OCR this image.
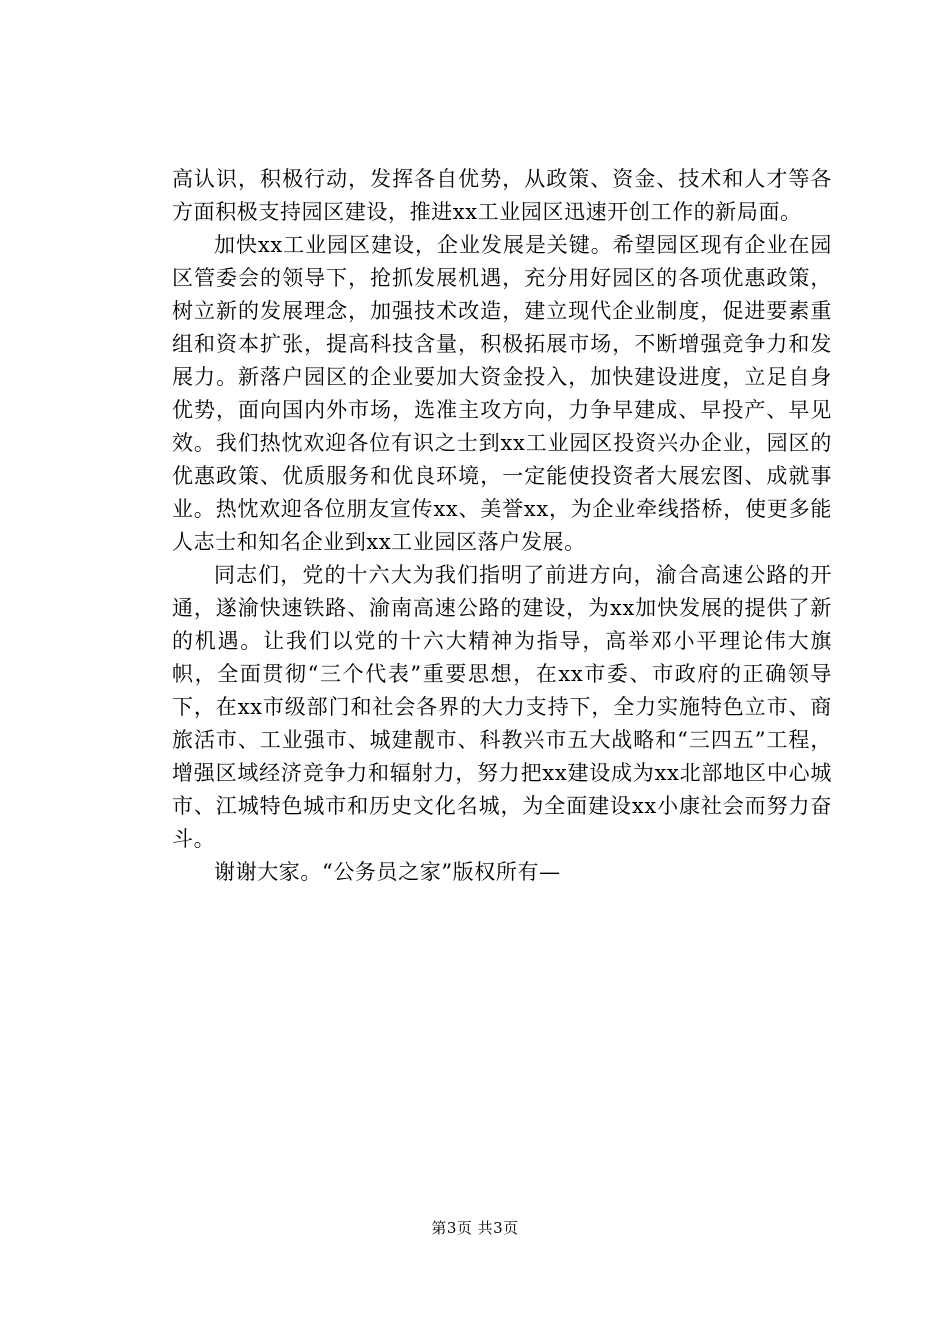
高认识，积极行动，发挥各自优势，从政策、资金、技术和人才等各方面积极支持园区建设，推进xx工业园区迅速开创工作的新局面。

加快xx工业园区建设，企业发展是关键。希望园区现有企业在园区管委会的领导下，抢抓发展机遇，充分用好园区的各项优惠政策，树立新的发展理念，加强技术改造，建立现代企业制度，促进要素重组和资本扩张，提高科技含量，积极拓展市场，不断增强竞争力和发展力。新落户园区的企业要加大资金投入，加快建设进度，立足自身优势，面向国内外市场，选准主攻方向，力争早建成、早投产、早见效。我们热忱欢迎各位有识之士到xx工业园区投资兴办企业，园区的优惠政策、优质服务和优良环境，一定能使投资者大展宏图、成就事业。热忱欢迎各位朋友宣传xx、美誉xx，为企业牵线搭桥，使更多能人志士和知名企业到xx工业园区落户发展。

同志们，党的十六大为我们指明了前进方向，渝合高速公路的开通，遂渝快速铁路、渝南高速公路的建设，为xx加快发展的提供了新的机遇。让我们以党的十六大精神为指导，高举邓小平理论伟大旗帜，全面贯彻“三个代表”重要思想，在xx市委、市政府的正确领导下，在xx市级部门和社会各界的大力支持下，全力实施特色立市、商旅活市、工业强市、城建靓市、科教兴市五大战略和“三四五”工程，增强区域经济竞争力和辐射力，努力把xx建设成为xx北部地区中心城市、江城特色城市和历史文化名城，为全面建设xx小康社会而努力奋斗。

谢谢大家。“公务员之家”版权所有—

第3页 共3页
